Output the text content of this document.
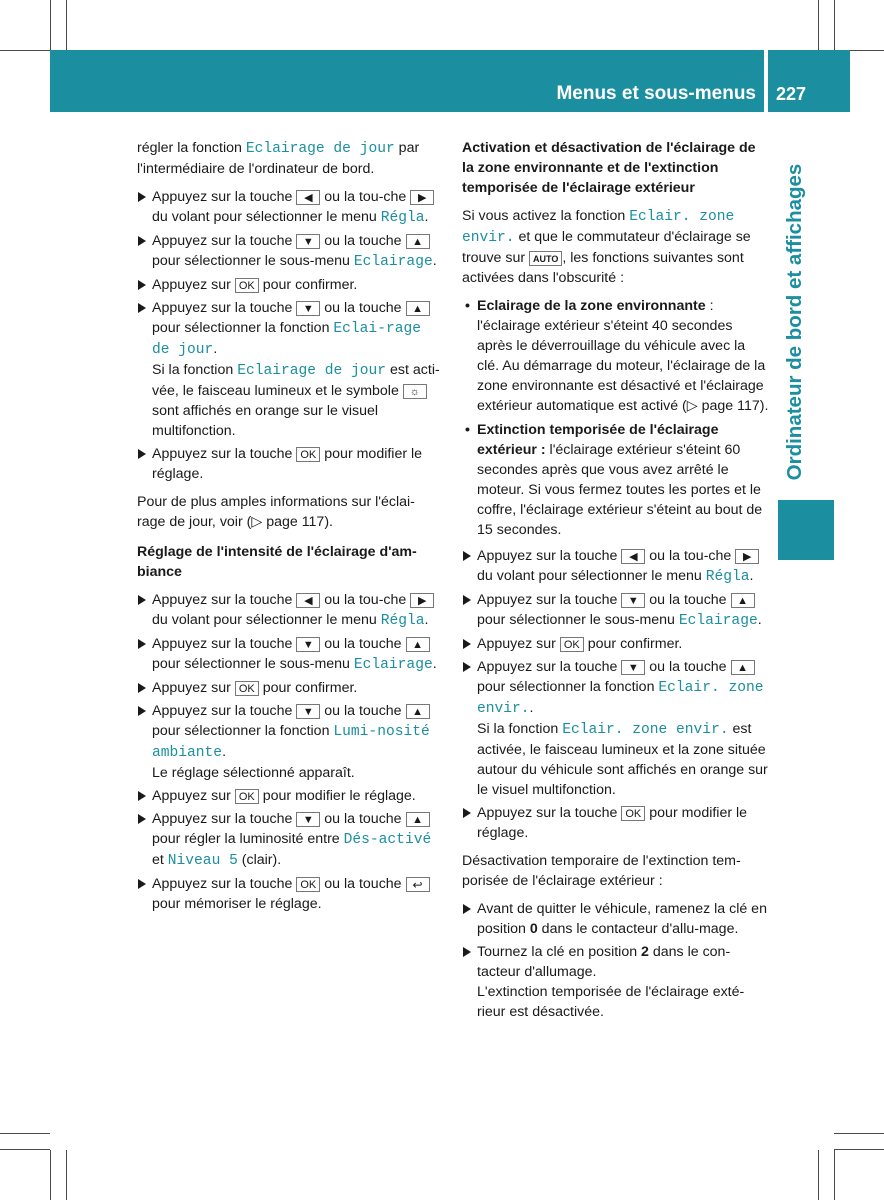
Menus et sous-menus 227
Ordinateur de bord et affichages

régler la fonction Eclairage de jour par l'intermédiaire de l'ordinateur de bord.

Appuyez sur la touche ◀ ou la tou-che ▶ du volant pour sélectionner le menu Régla.
Appuyez sur la touche ▼ ou la touche ▲ pour sélectionner le sous-menu Eclairage.
Appuyez sur OK pour confirmer.
Appuyez sur la touche ▼ ou la touche ▲ pour sélectionner la fonction Eclai-rage de jour.
Si la fonction Eclairage de jour est acti-vée, le faisceau lumineux et le symbole ☼ sont affichés en orange sur le visuel multifonction.
Appuyez sur la touche OK pour modifier le réglage.

Pour de plus amples informations sur l'éclai-rage de jour, voir (▷ page 117).

Réglage de l'intensité de l'éclairage d'am-biance
Appuyez sur la touche ◀ ou la tou-che ▶ du volant pour sélectionner le menu Régla.
Appuyez sur la touche ▼ ou la touche ▲ pour sélectionner le sous-menu Eclairage.
Appuyez sur OK pour confirmer.
Appuyez sur la touche ▼ ou la touche ▲ pour sélectionner la fonction Lumi-nosité ambiante.
Le réglage sélectionné apparaît.
Appuyez sur OK pour modifier le réglage.
Appuyez sur la touche ▼ ou la touche ▲ pour régler la luminosité entre Dés-activé et Niveau 5 (clair).
Appuyez sur la touche OK ou la touche ↩ pour mémoriser le réglage.
Activation et désactivation de l'éclairage de la zone environnante et de l'extinction temporisée de l'éclairage extérieur

Si vous activez la fonction Eclair. zone envir. et que le commutateur d'éclairage se trouve sur AUTO , les fonctions suivantes sont activées dans l'obscurité :

• Eclairage de la zone environnante : l'éclairage extérieur s'éteint 40 secondes après le déverrouillage du véhicule avec la clé. Au démarrage du moteur, l'éclairage de la zone environnante est désactivé et l'éclairage extérieur automatique est activé (▷ page 117).
• Extinction temporisée de l'éclairage extérieur : l'éclairage extérieur s'éteint 60 secondes après que vous avez arrêté le moteur. Si vous fermez toutes les portes et le coffre, l'éclairage extérieur s'éteint au bout de 15 secondes.
Appuyez sur la touche ◀ ou la tou-che ▶ du volant pour sélectionner le menu Régla.
Appuyez sur la touche ▼ ou la touche ▲ pour sélectionner le sous-menu Eclairage.
Appuyez sur OK pour confirmer.
Appuyez sur la touche ▼ ou la touche ▲ pour sélectionner la fonction Eclair. zone envir..
Si la fonction Eclair. zone envir. est activée, le faisceau lumineux et la zone située autour du véhicule sont affichés en orange sur le visuel multifonction.
Appuyez sur la touche OK pour modifier le réglage.

Désactivation temporaire de l'extinction tem-porisée de l'éclairage extérieur :

Avant de quitter le véhicule, ramenez la clé en position 0 dans le contacteur d'allu-mage.
Tournez la clé en position 2 dans le con-tacteur d'allumage.
L'extinction temporisée de l'éclairage exté-rieur est désactivée.
